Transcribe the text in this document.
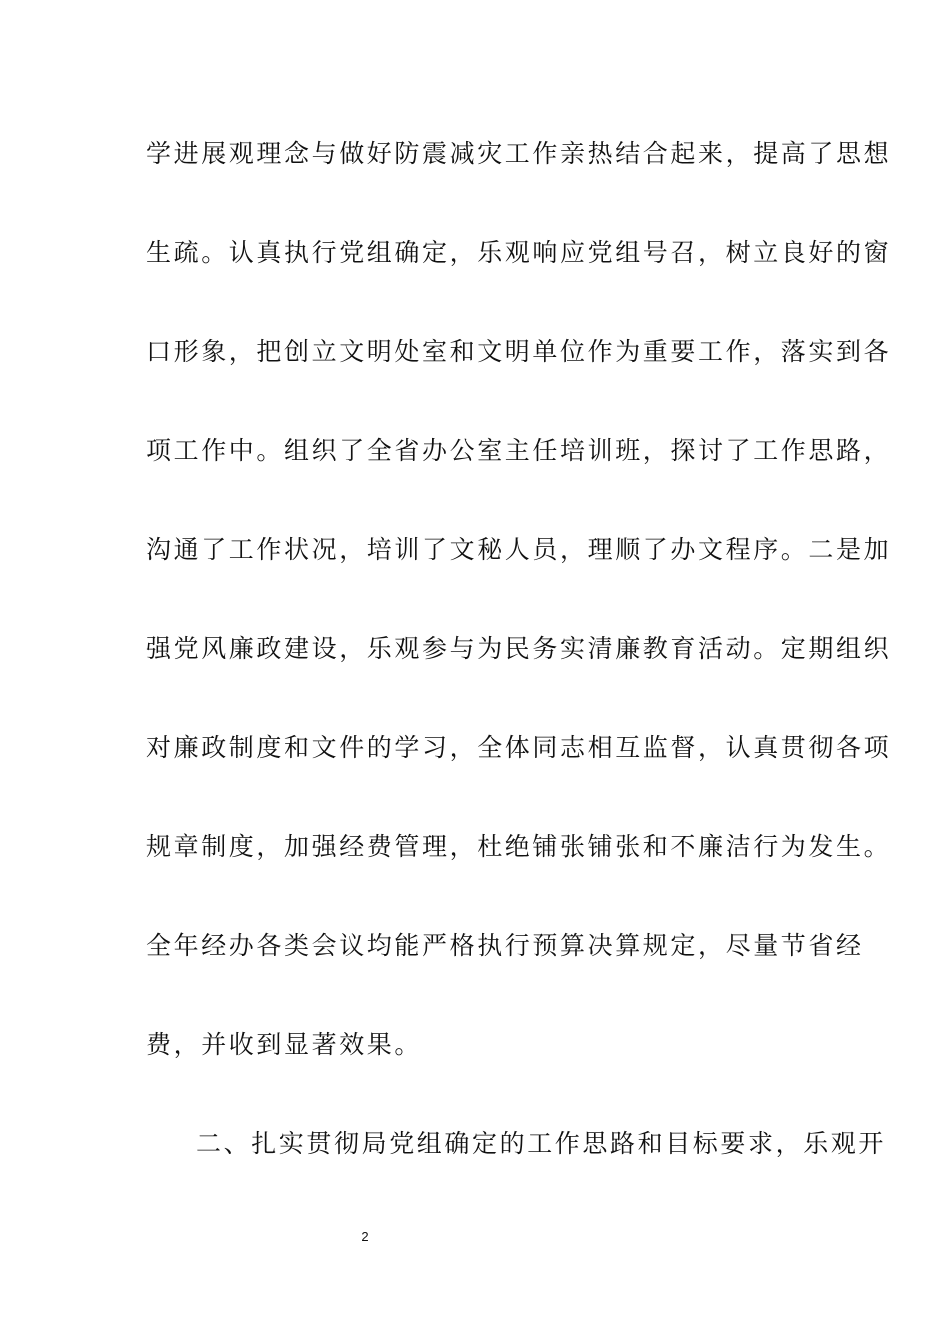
学进展观理念与做好防震减灾工作亲热结合起来，提高了思想
生疏。认真执行党组确定，乐观响应党组号召，树立良好的窗
口形象，把创立文明处室和文明单位作为重要工作，落实到各
项工作中。组织了全省办公室主任培训班，探讨了工作思路，
沟通了工作状况，培训了文秘人员，理顺了办文程序。二是加
强党风廉政建设，乐观参与为民务实清廉教育活动。定期组织
对廉政制度和文件的学习，全体同志相互监督，认真贯彻各项
规章制度，加强经费管理，杜绝铺张铺张和不廉洁行为发生。
全年经办各类会议均能严格执行预算决算规定，尽量节省经
费，并收到显著效果。
二、扎实贯彻局党组确定的工作思路和目标要求，乐观开
2
